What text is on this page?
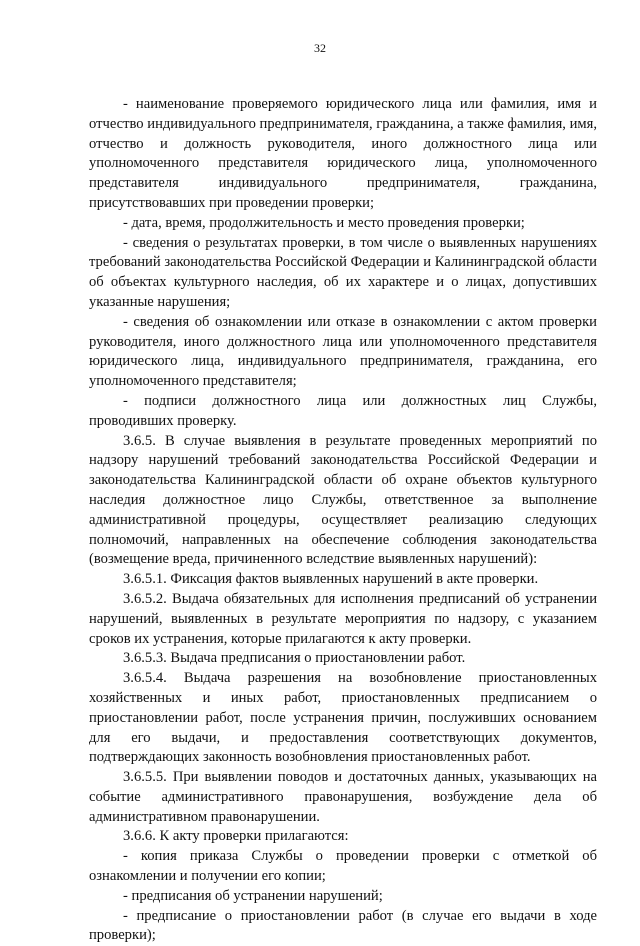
32

- наименование проверяемого юридического лица или фамилия, имя и отчество индивидуального предпринимателя, гражданина, а также фамилия, имя, отчество и должность руководителя, иного должностного лица или уполномоченного представителя юридического лица, уполномоченного представителя индивидуального предпринимателя, гражданина, присутствовавших при проведении проверки;

- дата, время, продолжительность и место проведения проверки;

- сведения о результатах проверки, в том числе о выявленных нарушениях требований законодательства Российской Федерации и Калининградской области об объектах культурного наследия, об их характере и о лицах, допустивших указанные нарушения;

- сведения об ознакомлении или отказе в ознакомлении с актом проверки руководителя, иного должностного лица или уполномоченного представителя юридического лица, индивидуального предпринимателя, гражданина, его уполномоченного представителя;

- подписи должностного лица или должностных лиц Службы, проводивших проверку.

3.6.5. В случае выявления в результате проведенных мероприятий по надзору нарушений требований законодательства Российской Федерации и законодательства Калининградской области об охране объектов культурного наследия должностное лицо Службы, ответственное за выполнение административной процедуры, осуществляет реализацию следующих полномочий, направленных на обеспечение соблюдения законодательства (возмещение вреда, причиненного вследствие выявленных нарушений):

3.6.5.1. Фиксация фактов выявленных нарушений в акте проверки.

3.6.5.2. Выдача обязательных для исполнения предписаний об устранении нарушений, выявленных в результате мероприятия по надзору, с указанием сроков их устранения, которые прилагаются к акту проверки.

3.6.5.3. Выдача предписания о приостановлении работ.

3.6.5.4. Выдача разрешения на возобновление приостановленных хозяйственных и иных работ, приостановленных предписанием о приостановлении работ, после устранения причин, послуживших основанием для его выдачи, и предоставления соответствующих документов, подтверждающих законность возобновления приостановленных работ.

3.6.5.5. При выявлении поводов и достаточных данных, указывающих на событие административного правонарушения, возбуждение дела об административном правонарушении.

3.6.6. К акту проверки прилагаются:

- копия приказа Службы о проведении проверки с отметкой об ознакомлении и получении его копии;

- предписания об устранении нарушений;

- предписание о приостановлении работ (в случае его выдачи в ходе проверки);
